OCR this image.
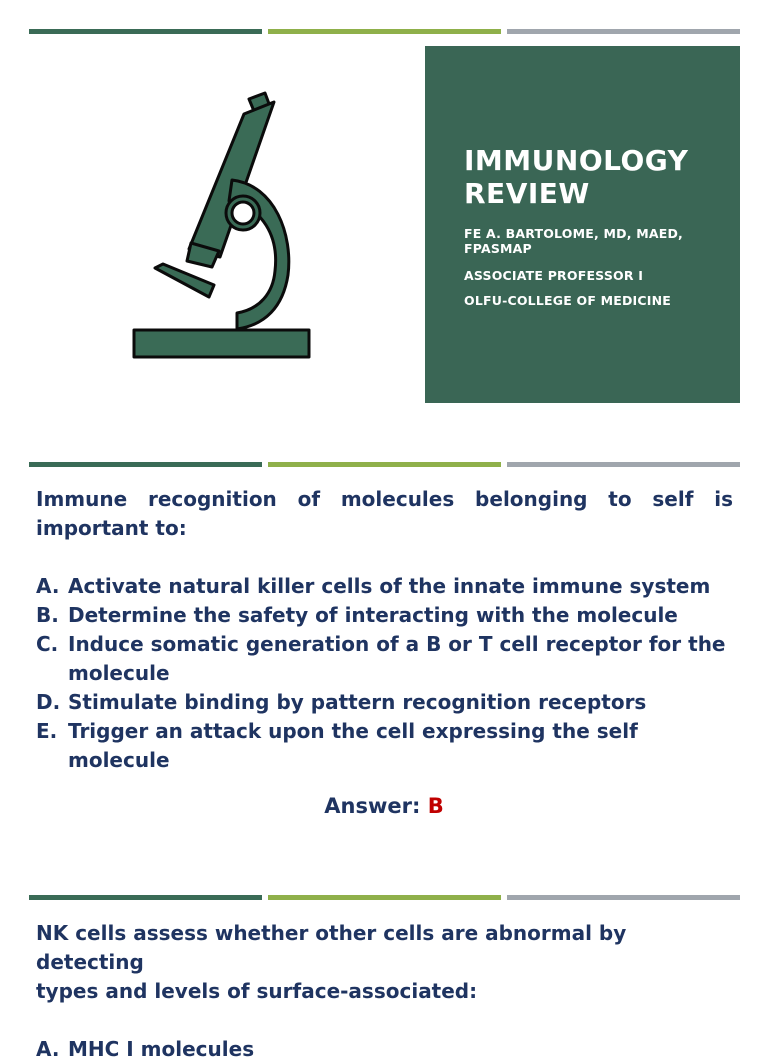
IMMUNOLOGY
REVIEW
FE A. BARTOLOME, MD, MAED,
FPASMAP
ASSOCIATE PROFESSOR I
OLFU-COLLEGE OF MEDICINE
Immune recognition of molecules belonging to self is
important to:
A. Activate natural killer cells of the innate immune system
B. Determine the safety of interacting with the molecule
C. Induce somatic generation of a B or T cell receptor for the
molecule
D. Stimulate binding by pattern recognition receptors
E. Trigger an attack upon the cell expressing the self molecule
Answer: B
NK cells assess whether other cells are abnormal by detecting
types and levels of surface-associated:
A. MHC I molecules
